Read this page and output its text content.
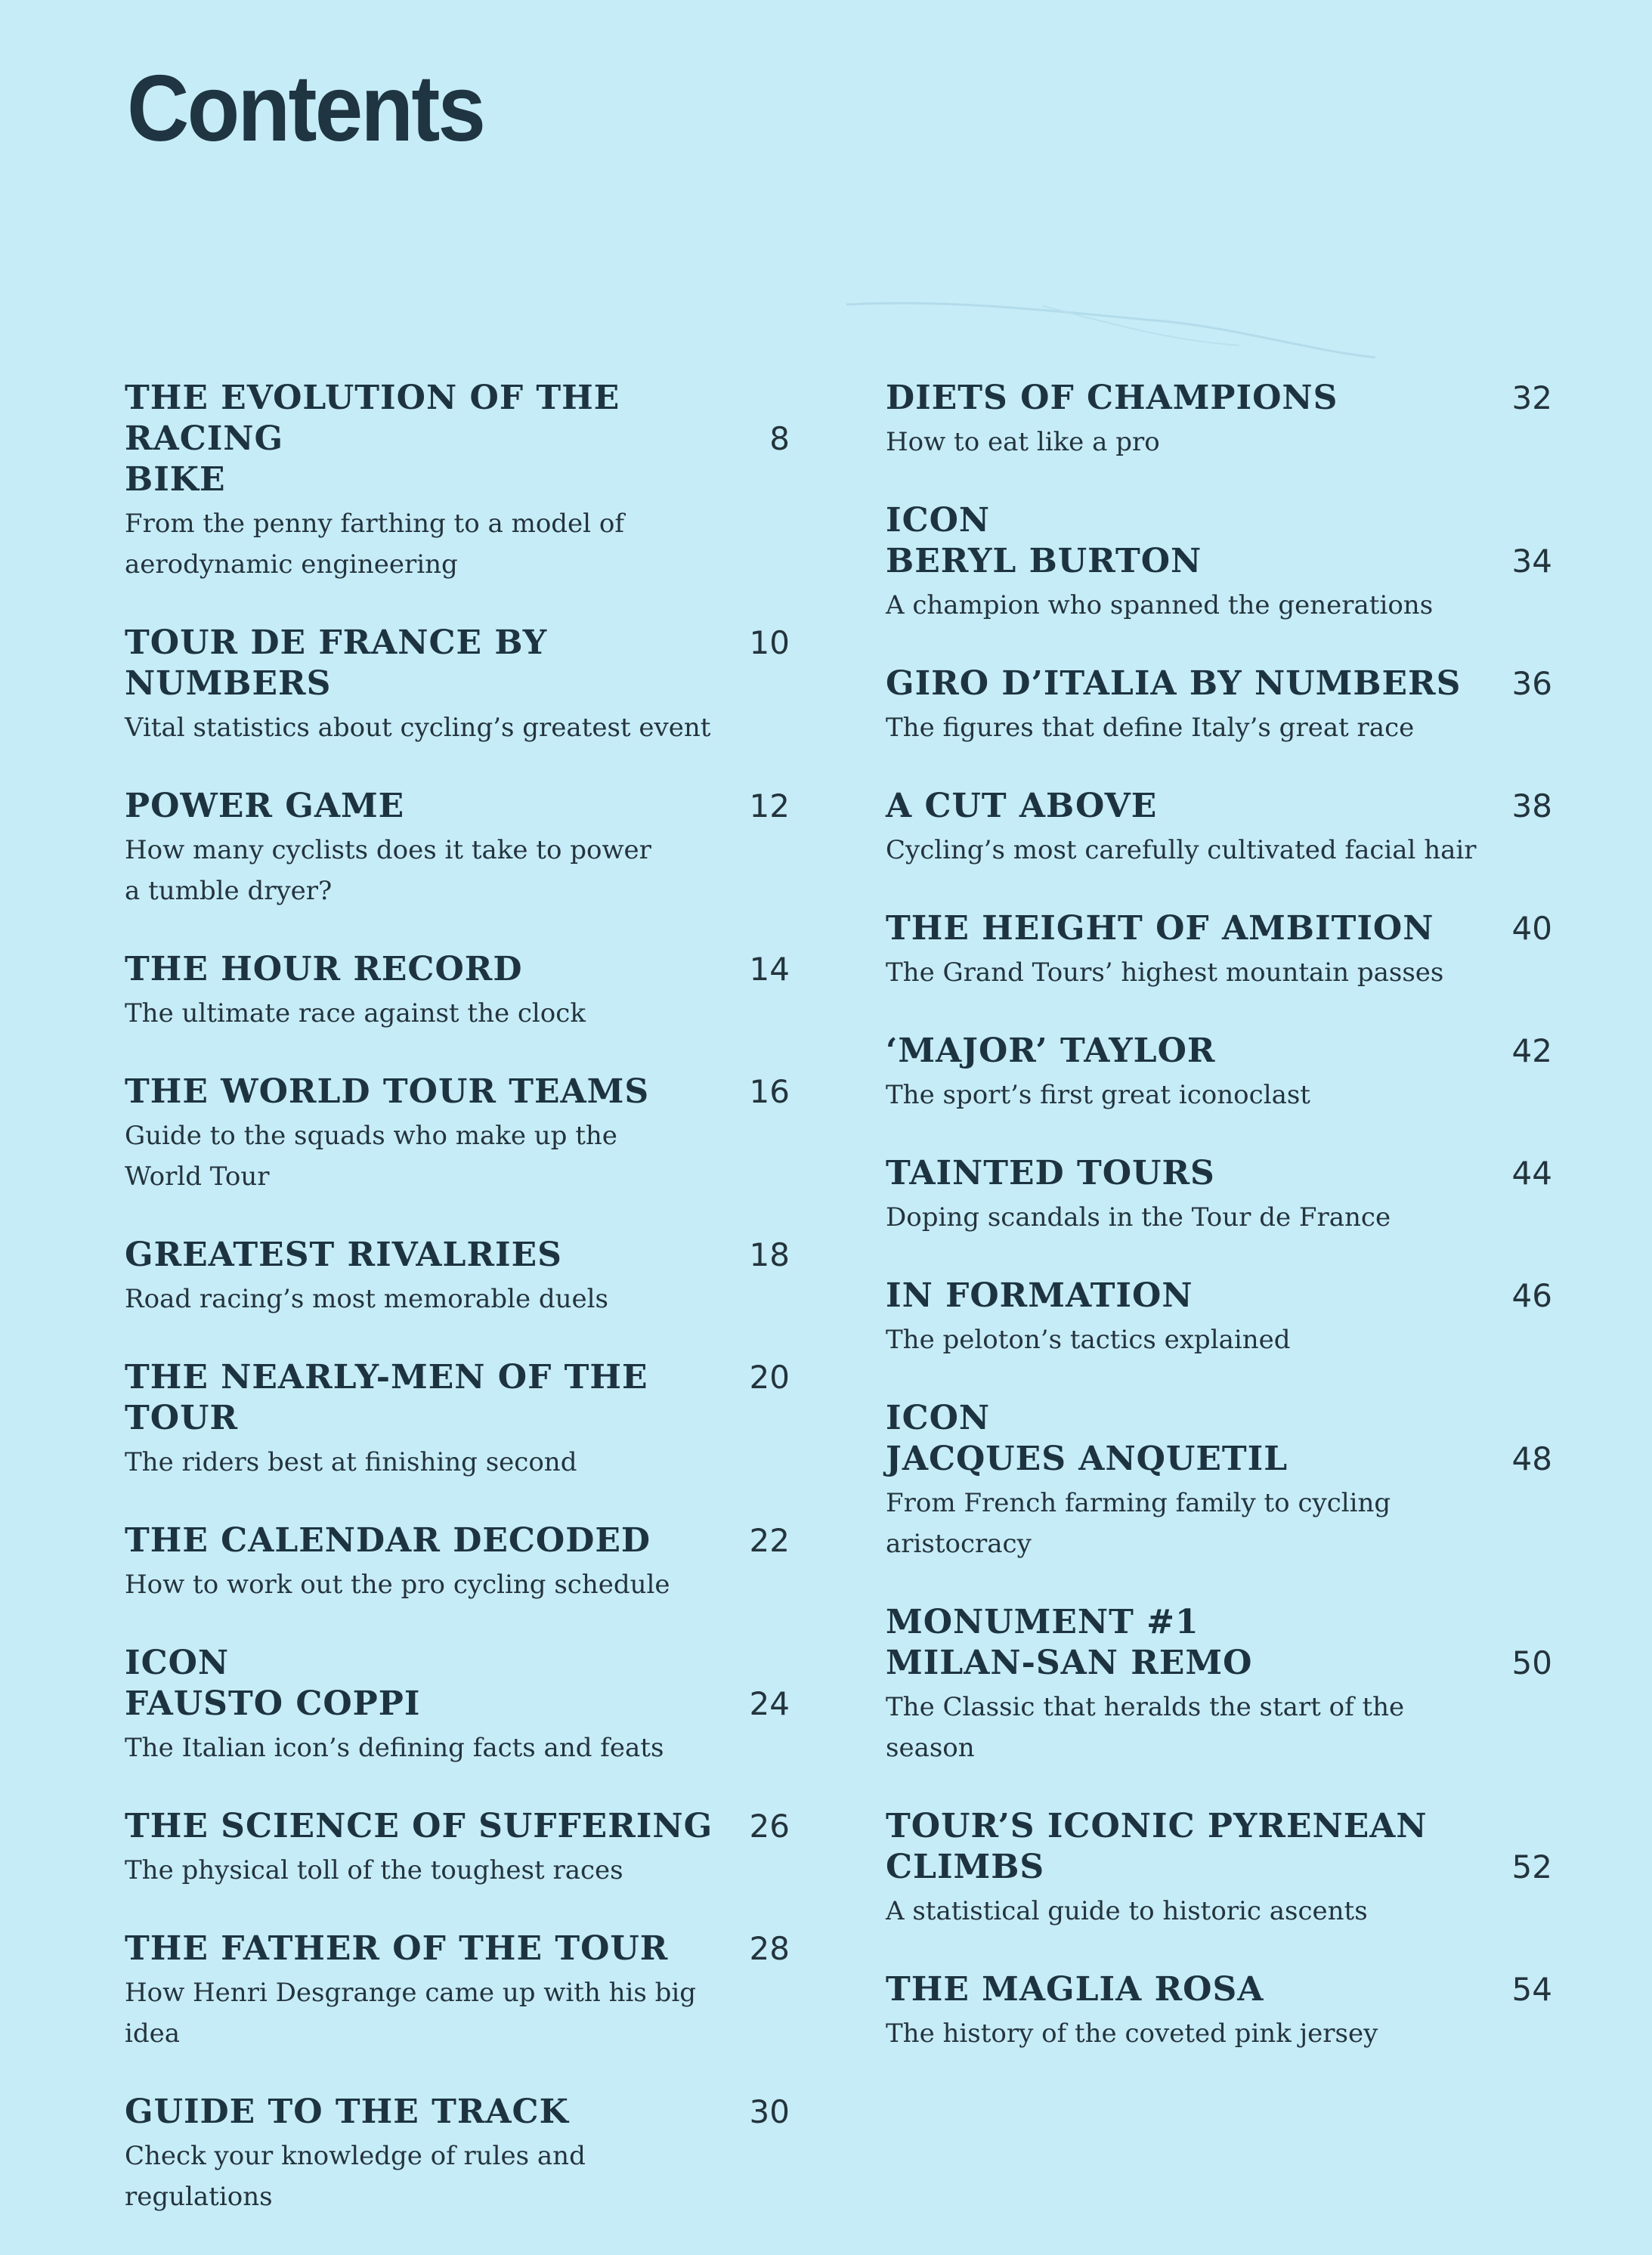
Contents
THE EVOLUTION OF THE RACING
BIKE
From the penny farthing to a model of
aerodynamic engineering
8
TOUR DE FRANCE BY NUMBERS
Vital statistics about cycling’s greatest event
10
POWER GAME
How many cyclists does it take to power
a tumble dryer?
12
THE HOUR RECORD
The ultimate race against the clock
14
THE WORLD TOUR TEAMS
Guide to the squads who make up the
World Tour
16
GREATEST RIVALRIES
Road racing’s most memorable duels
18
THE NEARLY-MEN OF THE TOUR
The riders best at finishing second
20
THE CALENDAR DECODED
How to work out the pro cycling schedule
22
ICON
FAUSTO COPPI
The Italian icon’s defining facts and feats
24
THE SCIENCE OF SUFFERING
The physical toll of the toughest races
26
THE FATHER OF THE TOUR
How Henri Desgrange came up with his big idea
28
GUIDE TO THE TRACK
Check your knowledge of rules and regulations
30
DIETS OF CHAMPIONS
How to eat like a pro
32
ICON
BERYL BURTON
A champion who spanned the generations
34
GIRO D’ITALIA BY NUMBERS
The figures that define Italy’s great race
36
A CUT ABOVE
Cycling’s most carefully cultivated facial hair
38
THE HEIGHT OF AMBITION
The Grand Tours’ highest mountain passes
40
‘MAJOR’ TAYLOR
The sport’s first great iconoclast
42
TAINTED TOURS
Doping scandals in the Tour de France
44
IN FORMATION
The peloton’s tactics explained
46
ICON
JACQUES ANQUETIL
From French farming family to cycling
aristocracy
48
MONUMENT #1
MILAN-SAN REMO
The Classic that heralds the start of the season
50
TOUR’S ICONIC PYRENEAN
CLIMBS
A statistical guide to historic ascents
52
THE MAGLIA ROSA
The history of the coveted pink jersey
54
